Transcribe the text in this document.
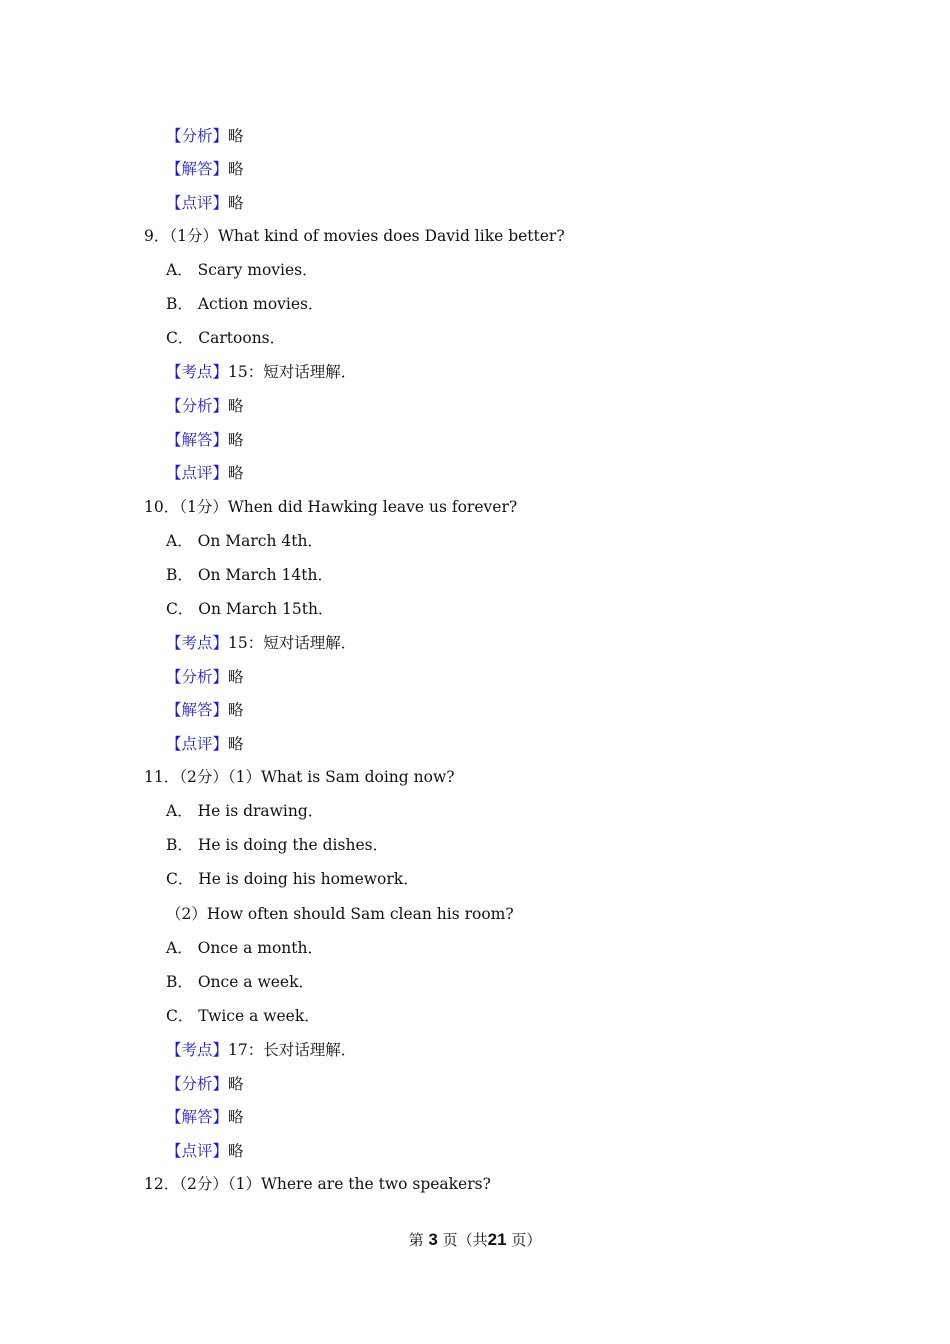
【分析】略
【解答】略
【点评】略
9．（1分）What kind of movies does David like better?
A． Scary movies．
B． Action movies．
C． Cartoons．
【考点】15：短对话理解．
【分析】略
【解答】略
【点评】略
10．（1分）When did Hawking leave us forever?
A． On March 4th．
B． On March 14th．
C． On March 15th．
【考点】15：短对话理解．
【分析】略
【解答】略
【点评】略
11．（2分）（1）What is Sam doing now?
A． He is drawing．
B． He is doing the dishes．
C． He is doing his homework．
（2）How often should Sam clean his room?
A． Once a month．
B． Once a week．
C． Twice a week．
【考点】17：长对话理解．
【分析】略
【解答】略
【点评】略
12．（2分）（1）Where are the two speakers?
第 3 页（共21 页）
